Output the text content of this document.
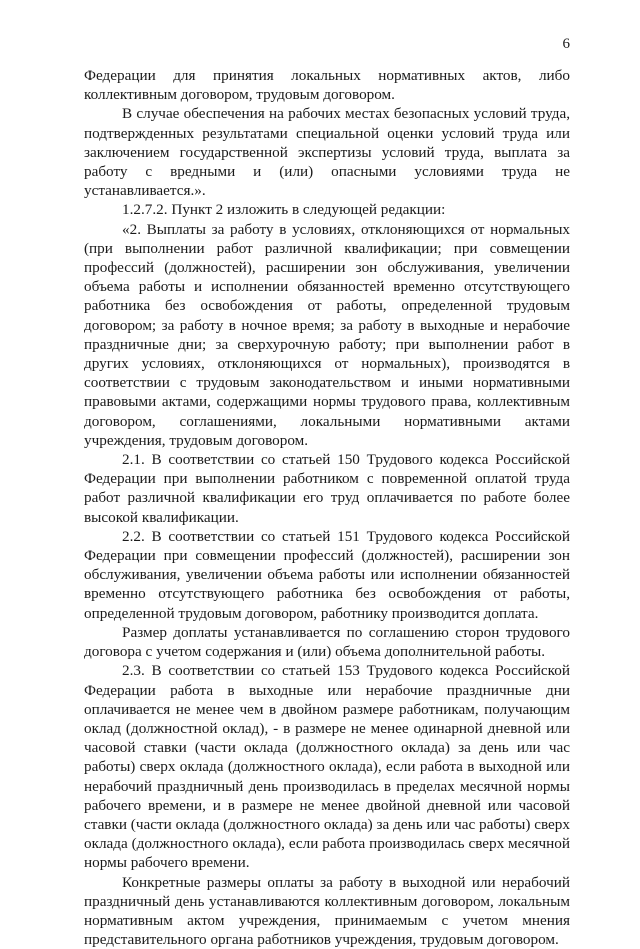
6

Федерации для принятия локальных нормативных актов, либо коллективным договором, трудовым договором.

В случае обеспечения на рабочих местах безопасных условий труда, подтвержденных результатами специальной оценки условий труда или заключением государственной экспертизы условий труда, выплата за работу с вредными и (или) опасными условиями труда не устанавливается.».

1.2.7.2. Пункт 2 изложить в следующей редакции:

«2. Выплаты за работу в условиях, отклоняющихся от нормальных (при выполнении работ различной квалификации; при совмещении профессий (должностей), расширении зон обслуживания, увеличении объема работы и исполнении обязанностей временно отсутствующего работника без освобождения от работы, определенной трудовым договором; за работу в ночное время; за работу в выходные и нерабочие праздничные дни; за сверхурочную работу; при выполнении работ в других условиях, отклоняющихся от нормальных), производятся в соответствии с трудовым законодательством и иными нормативными правовыми актами, содержащими нормы трудового права, коллективным договором, соглашениями, локальными нормативными актами учреждения, трудовым договором.

2.1. В соответствии со статьей 150 Трудового кодекса Российской Федерации при выполнении работником с повременной оплатой труда работ различной квалификации его труд оплачивается по работе более высокой квалификации.

2.2. В соответствии со статьей 151 Трудового кодекса Российской Федерации при совмещении профессий (должностей), расширении зон обслуживания, увеличении объема работы или исполнении обязанностей временно отсутствующего работника без освобождения от работы, определенной трудовым договором, работнику производится доплата.

Размер доплаты устанавливается по соглашению сторон трудового договора с учетом содержания и (или) объема дополнительной работы.

2.3. В соответствии со статьей 153 Трудового кодекса Российской Федерации работа в выходные или нерабочие праздничные дни оплачивается не менее чем в двойном размере работникам, получающим оклад (должностной оклад), - в размере не менее одинарной дневной или часовой ставки (части оклада (должностного оклада) за день или час работы) сверх оклада (должностного оклада), если работа в выходной или нерабочий праздничный день производилась в пределах месячной нормы рабочего времени, и в размере не менее двойной дневной или часовой ставки (части оклада (должностного оклада) за день или час работы) сверх оклада (должностного оклада), если работа производилась сверх месячной нормы рабочего времени.

Конкретные размеры оплаты за работу в выходной или нерабочий праздничный день устанавливаются коллективным договором, локальным нормативным актом учреждения, принимаемым с учетом мнения представительного органа работников учреждения, трудовым договором.
